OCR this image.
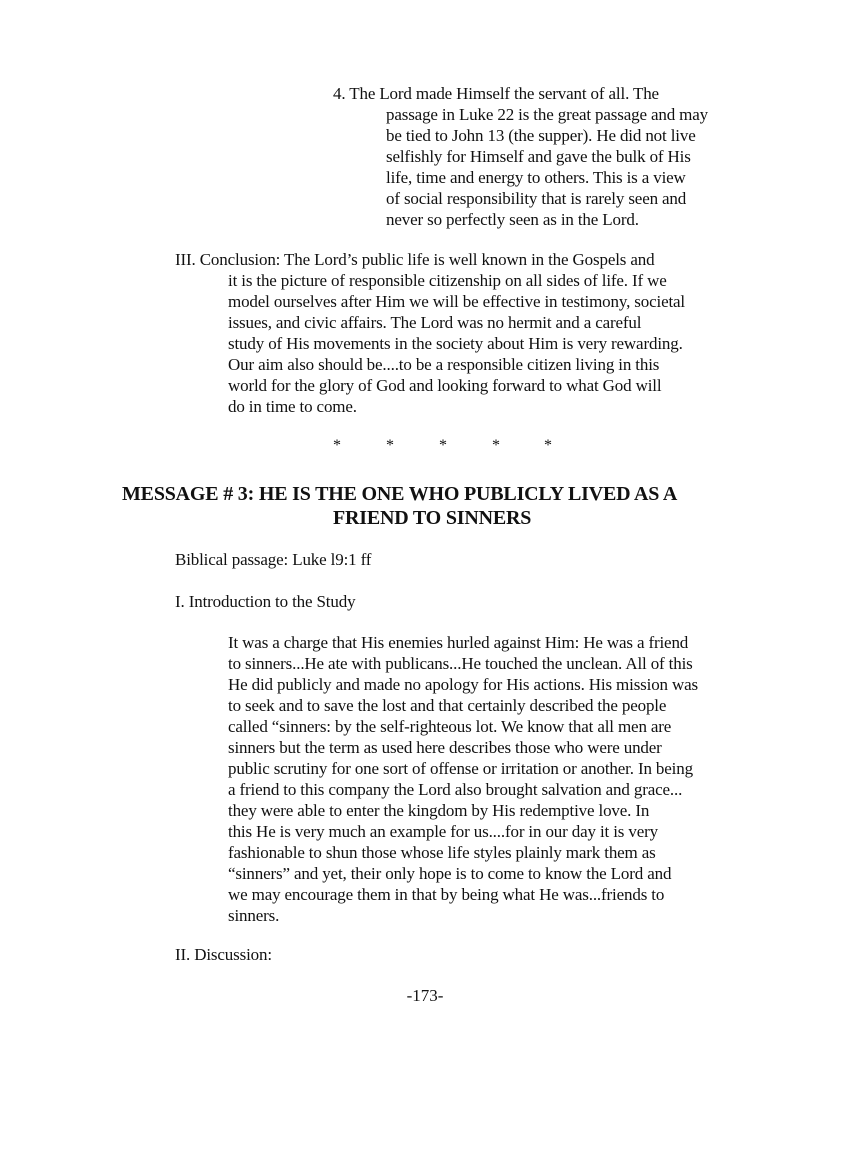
4. The Lord made Himself the servant of all. The
passage in Luke 22 is the great passage and may
be tied to John 13 (the supper). He did not live
selfishly for Himself and gave the bulk of His
life, time and energy to others. This is a view
of social responsibility that is rarely seen and
never so perfectly seen as in the Lord.
III. Conclusion: The Lord’s public life is well known in the Gospels and
it is the picture of responsible citizenship on all sides of life. If we
model ourselves after Him we will be effective in testimony, societal
issues, and civic affairs. The Lord was no hermit and a careful
study of His movements in the society about Him is very rewarding.
Our aim also should be....to be a responsible citizen living in this
world for the glory of God and looking forward to what God will
do in time to come.
*	*	*	*	*
MESSAGE # 3: HE IS THE ONE WHO PUBLICLY LIVED AS A
FRIEND TO SINNERS
Biblical passage: Luke l9:1 ff
I. Introduction to the Study
It was a charge that His enemies hurled against Him: He was a friend
to sinners...He ate with publicans...He touched the unclean. All of this
He did publicly and made no apology for His actions. His mission was
to seek and to save the lost and that certainly described the people
called “sinners: by the self-righteous lot. We know that all men are
sinners but the term as used here describes those who were under
public scrutiny for one sort of offense or irritation or another. In being
a friend to this company the Lord also brought salvation and grace...
they were able to enter the kingdom by His redemptive love. In
this He is very much an example for us....for in our day it is very
fashionable to shun those whose life styles plainly mark them as
“sinners” and yet, their only hope is to come to know the Lord and
we may encourage them in that by being what He was...friends to
sinners.
II. Discussion:
-173-
